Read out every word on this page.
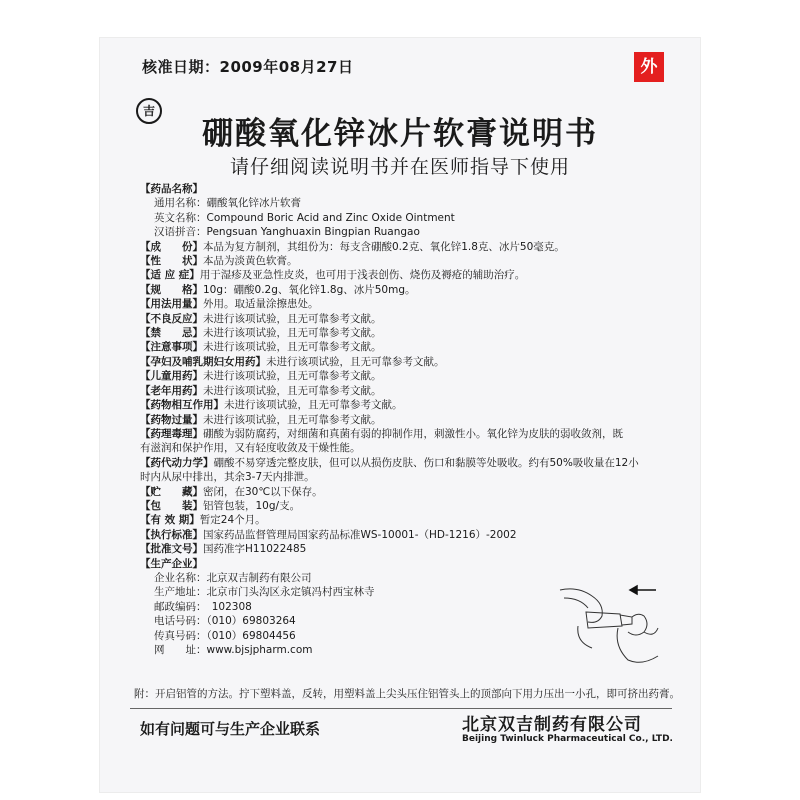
核准日期：2009年08月27日	外
吉
硼酸氧化锌冰片软膏说明书
请仔细阅读说明书并在医师指导下使用
【药品名称】
通用名称：硼酸氧化锌冰片软膏
英文名称：Compound Boric Acid and Zinc Oxide Ointment
汉语拼音：Pengsuan Yanghuaxin Bingpian Ruangao
【成　　份】本品为复方制剂，其组份为：每支含硼酸0.2克、氧化锌1.8克、冰片50毫克。
【性　　状】本品为淡黄色软膏。
【适 应 症】用于湿疹及亚急性皮炎，也可用于浅表创伤、烧伤及褥疮的辅助治疗。
【规　　格】10g：硼酸0.2g、氧化锌1.8g、冰片50mg。
【用法用量】外用。取适量涂擦患处。
【不良反应】未进行该项试验，且无可靠参考文献。
【禁　　忌】未进行该项试验，且无可靠参考文献。
【注意事项】未进行该项试验，且无可靠参考文献。
【孕妇及哺乳期妇女用药】未进行该项试验，且无可靠参考文献。
【儿童用药】未进行该项试验，且无可靠参考文献。
【老年用药】未进行该项试验，且无可靠参考文献。
【药物相互作用】未进行该项试验，且无可靠参考文献。
【药物过量】未进行该项试验，且无可靠参考文献。
【药理毒理】硼酸为弱防腐药，对细菌和真菌有弱的抑制作用，刺激性小。氧化锌为皮肤的弱收敛剂，既
有滋润和保护作用，又有轻度收敛及干燥性能。
【药代动力学】硼酸不易穿透完整皮肤，但可以从损伤皮肤、伤口和黏膜等处吸收。约有50%吸收量在12小
时内从尿中排出，其余3-7天内排泄。
【贮　　藏】密闭，在30℃以下保存。
【包　　装】铝管包装，10g/支。
【有 效 期】暂定24个月。
【执行标准】国家药品监督管理局国家药品标准WS-10001-（HD-1216）-2002
【批准文号】国药准字H11022485
【生产企业】
企业名称：北京双吉制药有限公司
生产地址：北京市门头沟区永定镇冯村西宝林寺
邮政编码：　102308
电话号码：（010）69803264
传真号码：（010）69804456
网　　址：www.bjsjpharm.com
附：开启铝管的方法。拧下塑料盖，反转，用塑料盖上尖头压住铝管头上的顶部向下用力压出一小孔，即可挤出药膏。
如有问题可与生产企业联系	北京双吉制药有限公司
Beijing Twinluck Pharmaceutical Co., LTD.
